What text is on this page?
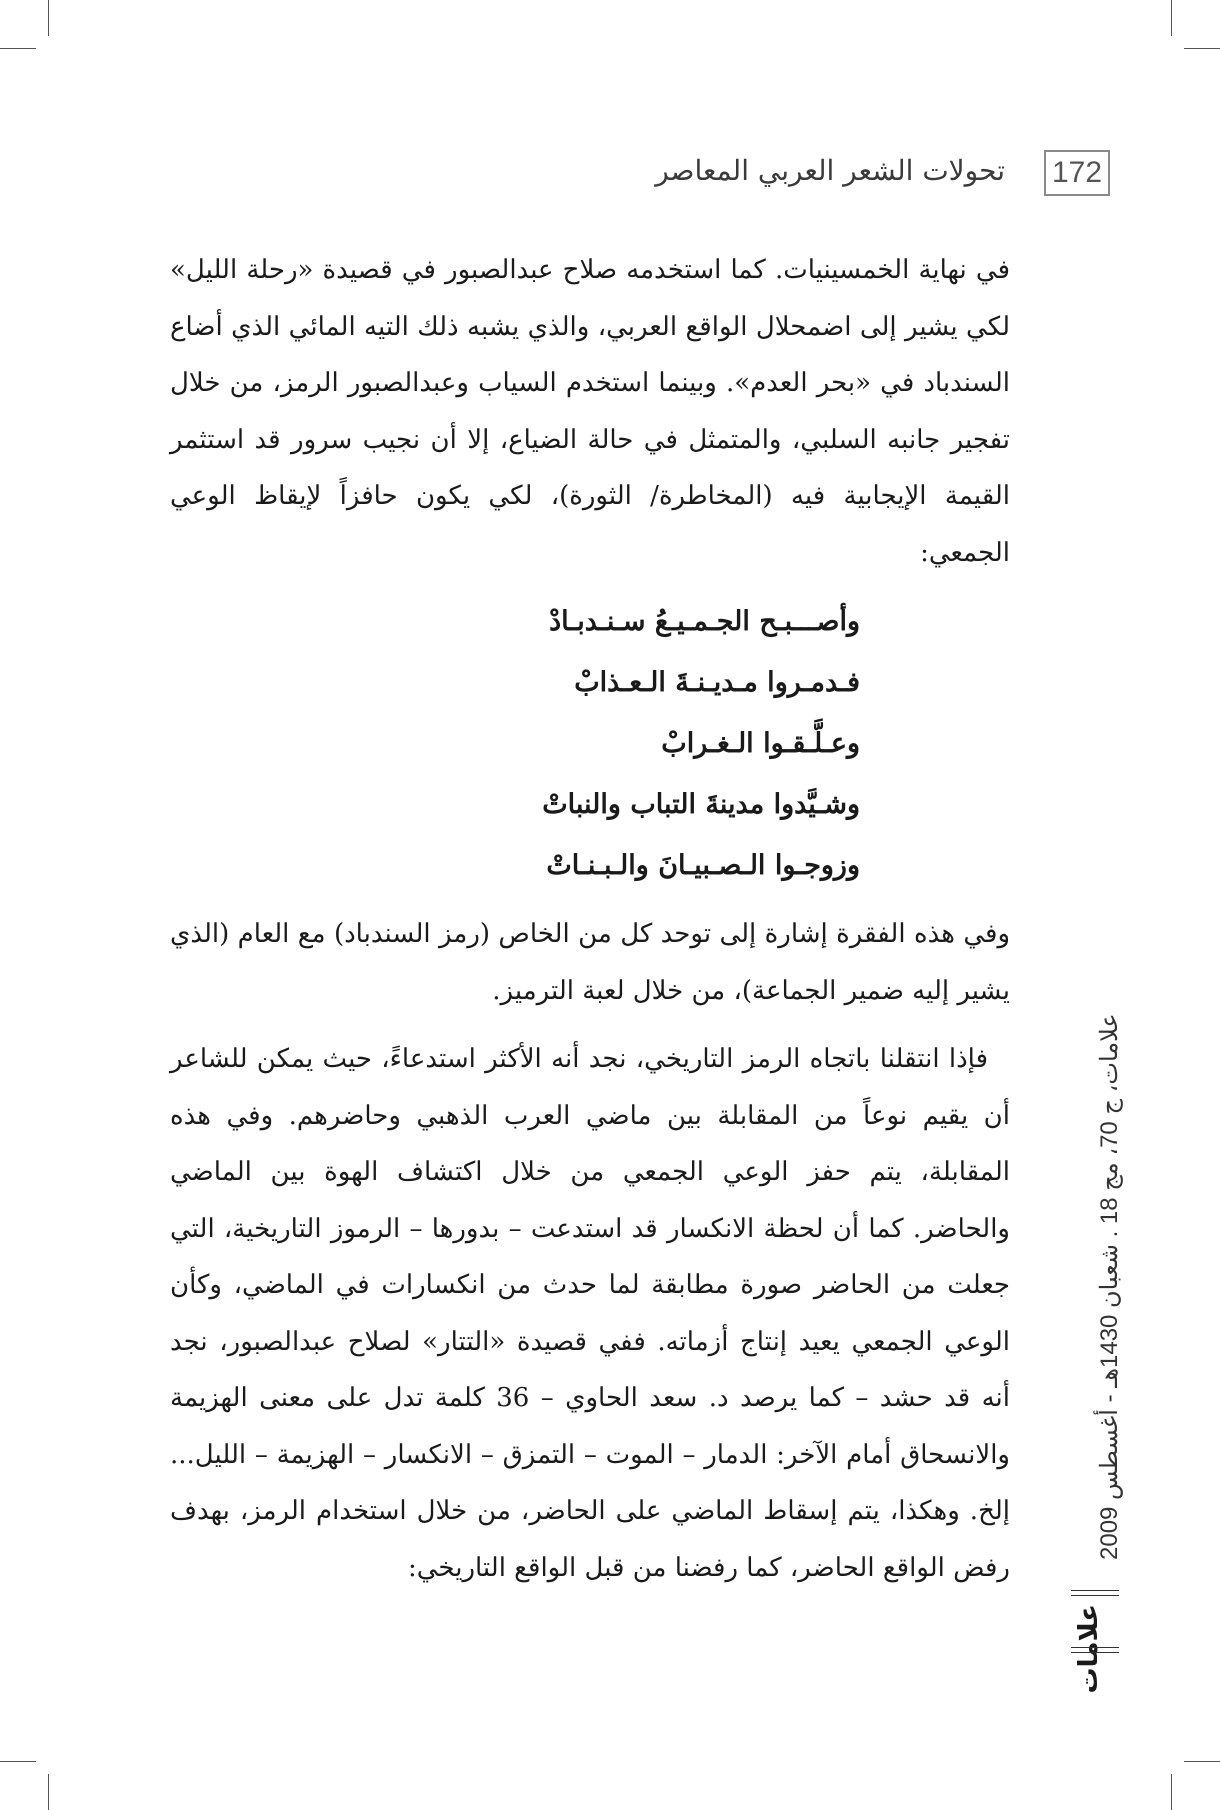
172
تحولات الشعر العربي المعاصر

في نهاية الخمسينيات. كما استخدمه صلاح عبدالصبور في قصيدة «رحلة الليل» لكي يشير إلى اضمحلال الواقع العربي، والذي يشبه ذلك التيه المائي الذي أضاع السندباد في «بحر العدم». وبينما استخدم السياب وعبدالصبور الرمز، من خلال تفجير جانبه السلبي، والمتمثل في حالة الضياع، إلا أن نجيب سرور قد استثمر القيمة الإيجابية فيه (المخاطرة/ الثورة)، لكي يكون حافزاً لإيقاظ الوعي الجمعي:

وأصـــبـح الجـمـيـعُ سـنـدبـادْ
فـدمـروا مـديـنـةَ الـعـذابْ
وعـلَّـقـوا الـغـرابْ
وشـيَّدوا مدينةَ التباب والنباتْ
وزوجـوا الـصـبيـانَ والـبـنـاتْ

وفي هذه الفقرة إشارة إلى توحد كل من الخاص (رمز السندباد) مع العام (الذي يشير إليه ضمير الجماعة)، من خلال لعبة الترميز.

فإذا انتقلنا باتجاه الرمز التاريخي، نجد أنه الأكثر استدعاءً، حيث يمكن للشاعر أن يقيم نوعاً من المقابلة بين ماضي العرب الذهبي وحاضرهم. وفي هذه المقابلة، يتم حفز الوعي الجمعي من خلال اكتشاف الهوة بين الماضي والحاضر. كما أن لحظة الانكسار قد استدعت – بدورها – الرموز التاريخية، التي جعلت من الحاضر صورة مطابقة لما حدث من انكسارات في الماضي، وكأن الوعي الجمعي يعيد إنتاج أزماته. ففي قصيدة «التتار» لصلاح عبدالصبور، نجد أنه قد حشد – كما يرصد د. سعد الحاوي – 36 كلمة تدل على معنى الهزيمة والانسحاق أمام الآخر: الدمار – الموت – التمزق – الانكسار – الهزيمة – الليل... إلخ. وهكذا، يتم إسقاط الماضي على الحاضر، من خلال استخدام الرمز، بهدف رفض الواقع الحاضر، كما رفضنا من قبل الواقع التاريخي:

علامات، ج 70، مج 18 . شعبان 1430هـ - أغسطس 2009
علامات
